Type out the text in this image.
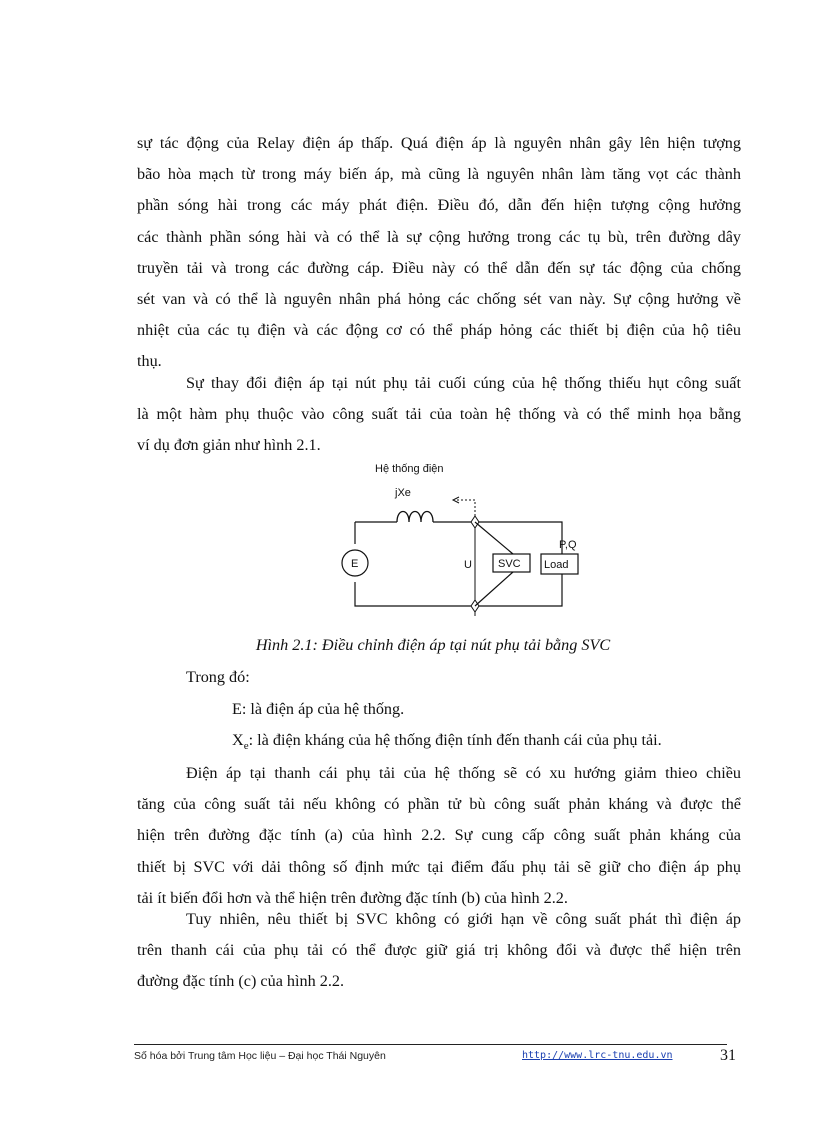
sự tác động của Relay điện áp thấp. Quá điện áp là nguyên nhân gây lên hiện tượng
bão hòa mạch từ trong máy biến áp, mà cũng là nguyên nhân làm tăng vọt các thành
phần sóng hài trong các máy phát điện. Điều đó, dẫn đến hiện tượng cộng hưởng
các thành phần sóng hài và có thể là sự cộng hưởng trong các tụ bù, trên đường dây
truyền tải và trong các đường cáp. Điều này có thể dẫn đến sự tác động của chống
sét van và có thể là nguyên nhân phá hỏng các chống sét van này. Sự cộng hưởng về
nhiệt của các tụ điện và các động cơ có thể pháp hỏng các thiết bị điện của hộ tiêu
thụ.
Sự thay đổi điện áp tại nút phụ tải cuối cúng của hệ thống thiếu hụt công suất
là một hàm phụ thuộc vào công suất tải của toàn hệ thống và có thể minh họa bằng
ví dụ đơn giản như hình 2.1.
Hệ thống điện
jXe
E	U SVC
P,Q
Load
Hình 2.1: Điều chỉnh điện áp tại nút phụ tải bằng SVC
Trong đó:
E: là điện áp của hệ thống.
$X_e$: là điện kháng của hệ thống điện tính đến thanh cái của phụ tải.
Điện áp tại thanh cái phụ tải của hệ thống sẽ có xu hướng giảm thieo chiều
tăng của công suất tải nếu không có phần tử bù công suất phản kháng và được thể
hiện trên đường đặc tính (a) của hình 2.2. Sự cung cấp công suất phản kháng của
thiết bị SVC với dải thông số định mức tại điểm đấu phụ tải sẽ giữ cho điện áp phụ
tải ít biến đổi hơn và thể hiện trên đường đặc tính (b) của hình 2.2.
Tuy nhiên, nêu thiết bị SVC không có giới hạn về công suất phát thì điện áp
trên thanh cái của phụ tải có thể được giữ giá trị không đổi và được thể hiện trên
đường đặc tính (c) của hình 2.2.
Số hóa bởi Trung tâm Học liệu – Đại học Thái Nguyên	http://www.lrc-tnu.edu.vn	31
